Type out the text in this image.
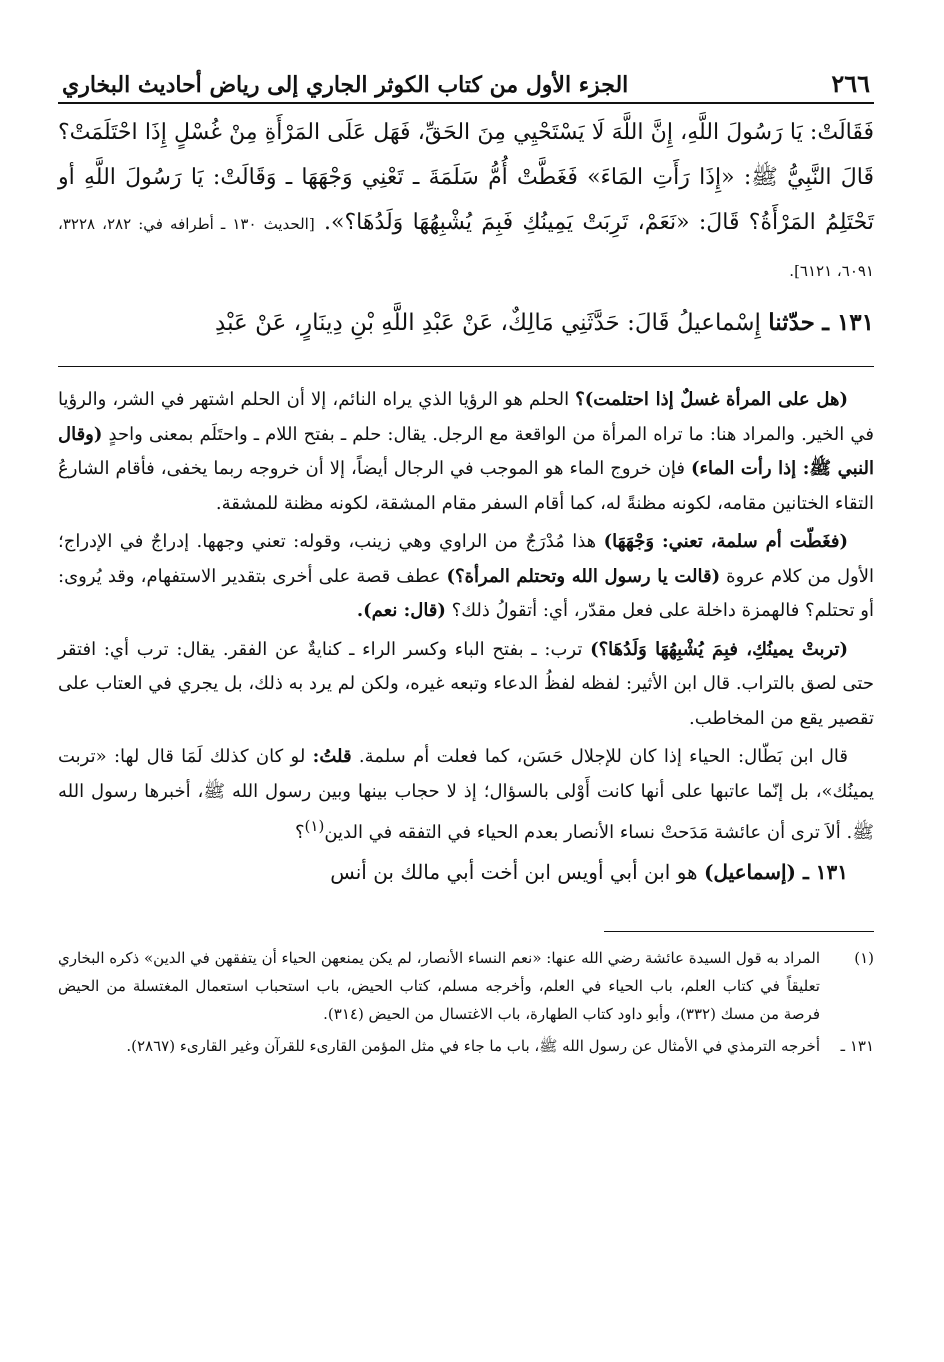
٢٦٦
الجزء الأول من كتاب الكوثر الجاري إلى رياض أحاديث البخاري
فَقَالَتْ: يَا رَسُولَ اللَّهِ، إِنَّ اللَّهَ لَا يَسْتَحْيِي مِنَ الحَقِّ، فَهَل عَلَى المَرْأَةِ مِنْ غُسْلٍ إِذَا احْتَلَمَتْ؟ قَالَ النَّبِيُّ ﷺ: «إِذَا رَأَتِ المَاءَ» فَغَطَّتْ أُمُّ سَلَمَةَ ـ تَعْنِي وَجْهَهَا ـ وَقَالَتْ: يَا رَسُولَ اللَّهِ أو تَحْتَلِمُ المَرْأَةُ؟ قَالَ: «نَعَمْ، تَرِبَتْ يَمِينُكِ فَبِمَ يُشْبِهُهَا وَلَدُهَا؟». [الحديث ١٣٠ ـ أطرافه في: ٢٨٢، ٣٢٢٨، ٦٠٩١، ٦١٢١].
١٣١ ـ حدّثنا إِسْماعيلُ قَالَ: حَدَّثَنِي مَالِكٌ، عَنْ عَبْدِ اللَّهِ بْنِ دِينَارٍ، عَنْ عَبْدِ

(هل على المرأة غسلٌ إذا احتلمت)؟ الحلم هو الرؤيا الذي يراه النائم، إلا أن الحلم اشتهر في الشر، والرؤيا في الخير. والمراد هنا: ما تراه المرأة من الواقعة مع الرجل. يقال: حلم ـ بفتح اللام ـ واحتَلَم بمعنى واحدٍ (وقال النبي ﷺ: إذا رأت الماء) فإن خروج الماء هو الموجب في الرجال أيضاً، إلا أن خروجه ربما يخفى، فأقام الشارعُ التقاء الختانين مقامه، لكونه مظنةً له، كما أقام السفر مقام المشقة، لكونه مظنة للمشقة.

(فغَطّت أم سلمة، تعني: وَجْهَهَا) هذا مُدْرَجٌ من الراوي وهي زينب، وقوله: تعني وجهها. إدراجٌ في الإدراج؛ الأول من كلام عروة (قالت يا رسول الله وتحتلم المرأة؟) عطف قصة على أخرى بتقدير الاستفهام، وقد يُروى: أو تحتلم؟ فالهمزة داخلة على فعل مقدّر، أي: أتقولُ ذلك؟ (قال: نعم).

(تربتْ يمينُكِ، فبِمَ يُشْبِهُهَا وَلَدُهَا؟) ترب: ـ بفتح الباء وكسر الراء ـ كنايةٌ عن الفقر. يقال: ترب أي: افتقر حتى لصق بالتراب. قال ابن الأثير: لفظه لفظُ الدعاء وتبعه غيره، ولكن لم يرد به ذلك، بل يجري في العتاب على تقصير يقع من المخاطب.

قال ابن بَطّال: الحياء إذا كان للإجلال حَسَن، كما فعلت أم سلمة. قلتُ: لو كان كذلك لَمَا قال لها: «تربت يمينُك»، بل إنّما عاتبها على أنها كانت أَوْلى بالسؤال؛ إذ لا حجاب بينها وبين رسول الله ﷺ، أخبرها رسول الله ﷺ. ألاَ ترى أن عائشة مَدَحتْ نساء الأنصار بعدم الحياء في التفقه في الدين$^{(١)}$؟

١٣١ ـ (إسماعيل) هو ابن أبي أويس ابن أخت أبي مالك بن أنس

(١)
المراد به قول السيدة عائشة رضي الله عنها: «نعم النساء الأنصار، لم يكن يمنعهن الحياء أن يتفقهن في الدين» ذكره البخاري تعليقاً في كتاب العلم، باب الحياء في العلم، وأخرجه مسلم، كتاب الحيض، باب استحباب استعمال المغتسلة من الحيض فرصة من مسك (٣٣٢)، وأبو داود كتاب الطهارة، باب الاغتسال من الحيض (٣١٤).
١٣١ ـ
أخرجه الترمذي في الأمثال عن رسول الله ﷺ، باب ما جاء في مثل المؤمن القارىء للقرآن وغير القارىء (٢٨٦٧).
